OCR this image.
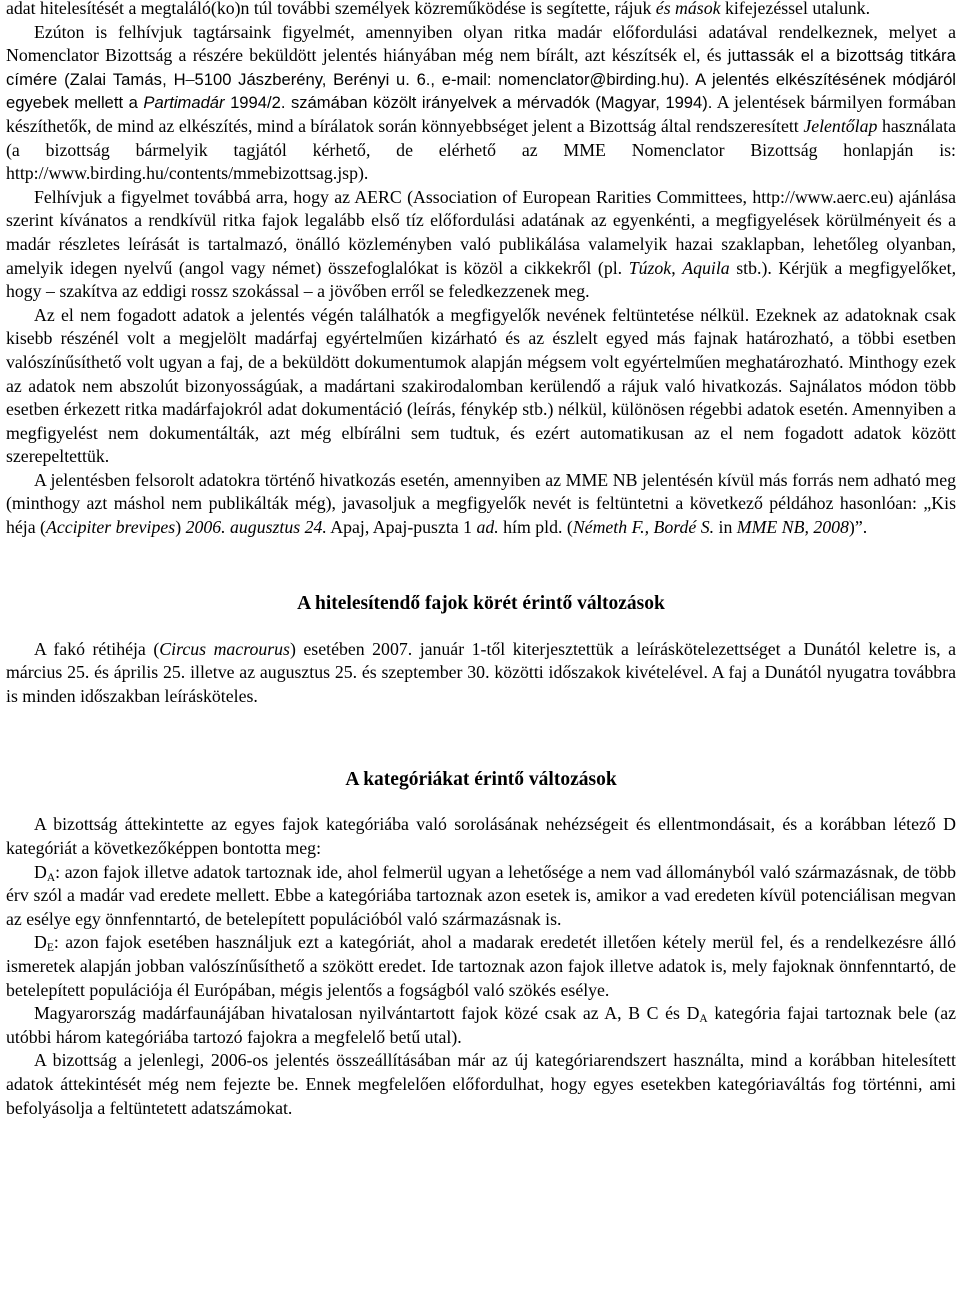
adat hitelesítését a megtaláló(ko)n túl további személyek közreműködése is segítette, rájuk és mások kifejezéssel utalunk.

Ezúton is felhívjuk tagtársaink figyelmét, amennyiben olyan ritka madár előfordulási adatával rendelkeznek, melyet a Nomenclator Bizottság a részére beküldött jelentés hiányában még nem bírált, azt készítsék el, és juttassák el a bizottság titkára címére (Zalai Tamás, H–5100 Jászberény, Berényi u. 6., e-mail: nomenclator@birding.hu). A jelentés elkészítésének módjáról egyebek mellett a Partimadár 1994/2. számában közölt irányelvek a mérvadók (Magyar, 1994). A jelentések bármilyen formában készíthetők, de mind az elkészítés, mind a bírálatok során könnyebbséget jelent a Bizottság által rendszeresített Jelentőlap használata (a bizottság bármelyik tagjától kérhető, de elérhető az MME Nomenclator Bizottság honlapján is: http://www.birding.hu/contents/mmebizottsag.jsp).

Felhívjuk a figyelmet továbbá arra, hogy az AERC (Association of European Rarities Committees, http://www.aerc.eu) ajánlása szerint kívánatos a rendkívül ritka fajok legalább első tíz előfordulási adatának az egyenkénti, a megfigyelések körülményeit és a madár részletes leírását is tartalmazó, önálló közleményben való publikálása valamelyik hazai szaklapban, lehetőleg olyanban, amelyik idegen nyelvű (angol vagy német) összefoglalókat is közöl a cikkekről (pl. Túzok, Aquila stb.). Kérjük a megfigyelőket, hogy – szakítva az eddigi rossz szokással – a jövőben erről se feledkezzenek meg.

Az el nem fogadott adatok a jelentés végén találhatók a megfigyelők nevének feltüntetése nélkül. Ezeknek az adatoknak csak kisebb részénél volt a megjelölt madárfaj egyértelműen kizárható és az észlelt egyed más fajnak határozható, a többi esetben valószínűsíthető volt ugyan a faj, de a beküldött dokumentumok alapján mégsem volt egyértelműen meghatározható. Minthogy ezek az adatok nem abszolút bizonyosságúak, a madártani szakirodalomban kerülendő a rájuk való hivatkozás. Sajnálatos módon több esetben érkezett ritka madárfajokról adat dokumentáció (leírás, fénykép stb.) nélkül, különösen régebbi adatok esetén. Amennyiben a megfigyelést nem dokumentálták, azt még elbírálni sem tudtuk, és ezért automatikusan az el nem fogadott adatok között szerepeltettük.

A jelentésben felsorolt adatokra történő hivatkozás esetén, amennyiben az MME NB jelentésén kívül más forrás nem adható meg (minthogy azt máshol nem publikálták még), javasoljuk a megfigyelők nevét is feltüntetni a következő példához hasonlóan: „Kis héja (Accipiter brevipes) 2006. augusztus 24. Apaj, Apaj-puszta 1 ad. hím pld. (Németh F., Bordé S. in MME NB, 2008)”.

A hitelesítendő fajok körét érintő változások

A fakó rétihéja (Circus macrourus) esetében 2007. január 1-től kiterjesztettük a leíráskötelezettséget a Dunától keletre is, a március 25. és április 25. illetve az augusztus 25. és szeptember 30. közötti időszakok kivételével. A faj a Dunától nyugatra továbbra is minden időszakban leírásköteles.

A kategóriákat érintő változások

A bizottság áttekintette az egyes fajok kategóriába való sorolásának nehézségeit és ellentmondásait, és a korábban létező D kategóriát a következőképpen bontotta meg:

$D_A$: azon fajok illetve adatok tartoznak ide, ahol felmerül ugyan a lehetősége a nem vad állományból való származásnak, de több érv szól a madár vad eredete mellett. Ebbe a kategóriába tartoznak azon esetek is, amikor a vad eredeten kívül potenciálisan megvan az esélye egy önnfenntartó, de betelepített populációból való származásnak is.

$D_E$: azon fajok esetében használjuk ezt a kategóriát, ahol a madarak eredetét illetően kétely merül fel, és a rendelkezésre álló ismeretek alapján jobban valószínűsíthető a szökött eredet. Ide tartoznak azon fajok illetve adatok is, mely fajoknak önnfenntartó, de betelepített populációja él Európában, mégis jelentős a fogságból való szökés esélye.

Magyarország madárfaunájában hivatalosan nyilvántartott fajok közé csak az A, B C és $D_A$ kategória fajai tartoznak bele (az utóbbi három kategóriába tartozó fajokra a megfelelő betű utal).

A bizottság a jelenlegi, 2006-os jelentés összeállításában már az új kategóriarendszert használta, mind a korábban hitelesített adatok áttekintését még nem fejezte be. Ennek megfelelően előfordulhat, hogy egyes esetekben kategóriaváltás fog történni, ami befolyásolja a feltüntetett adatszámokat.
